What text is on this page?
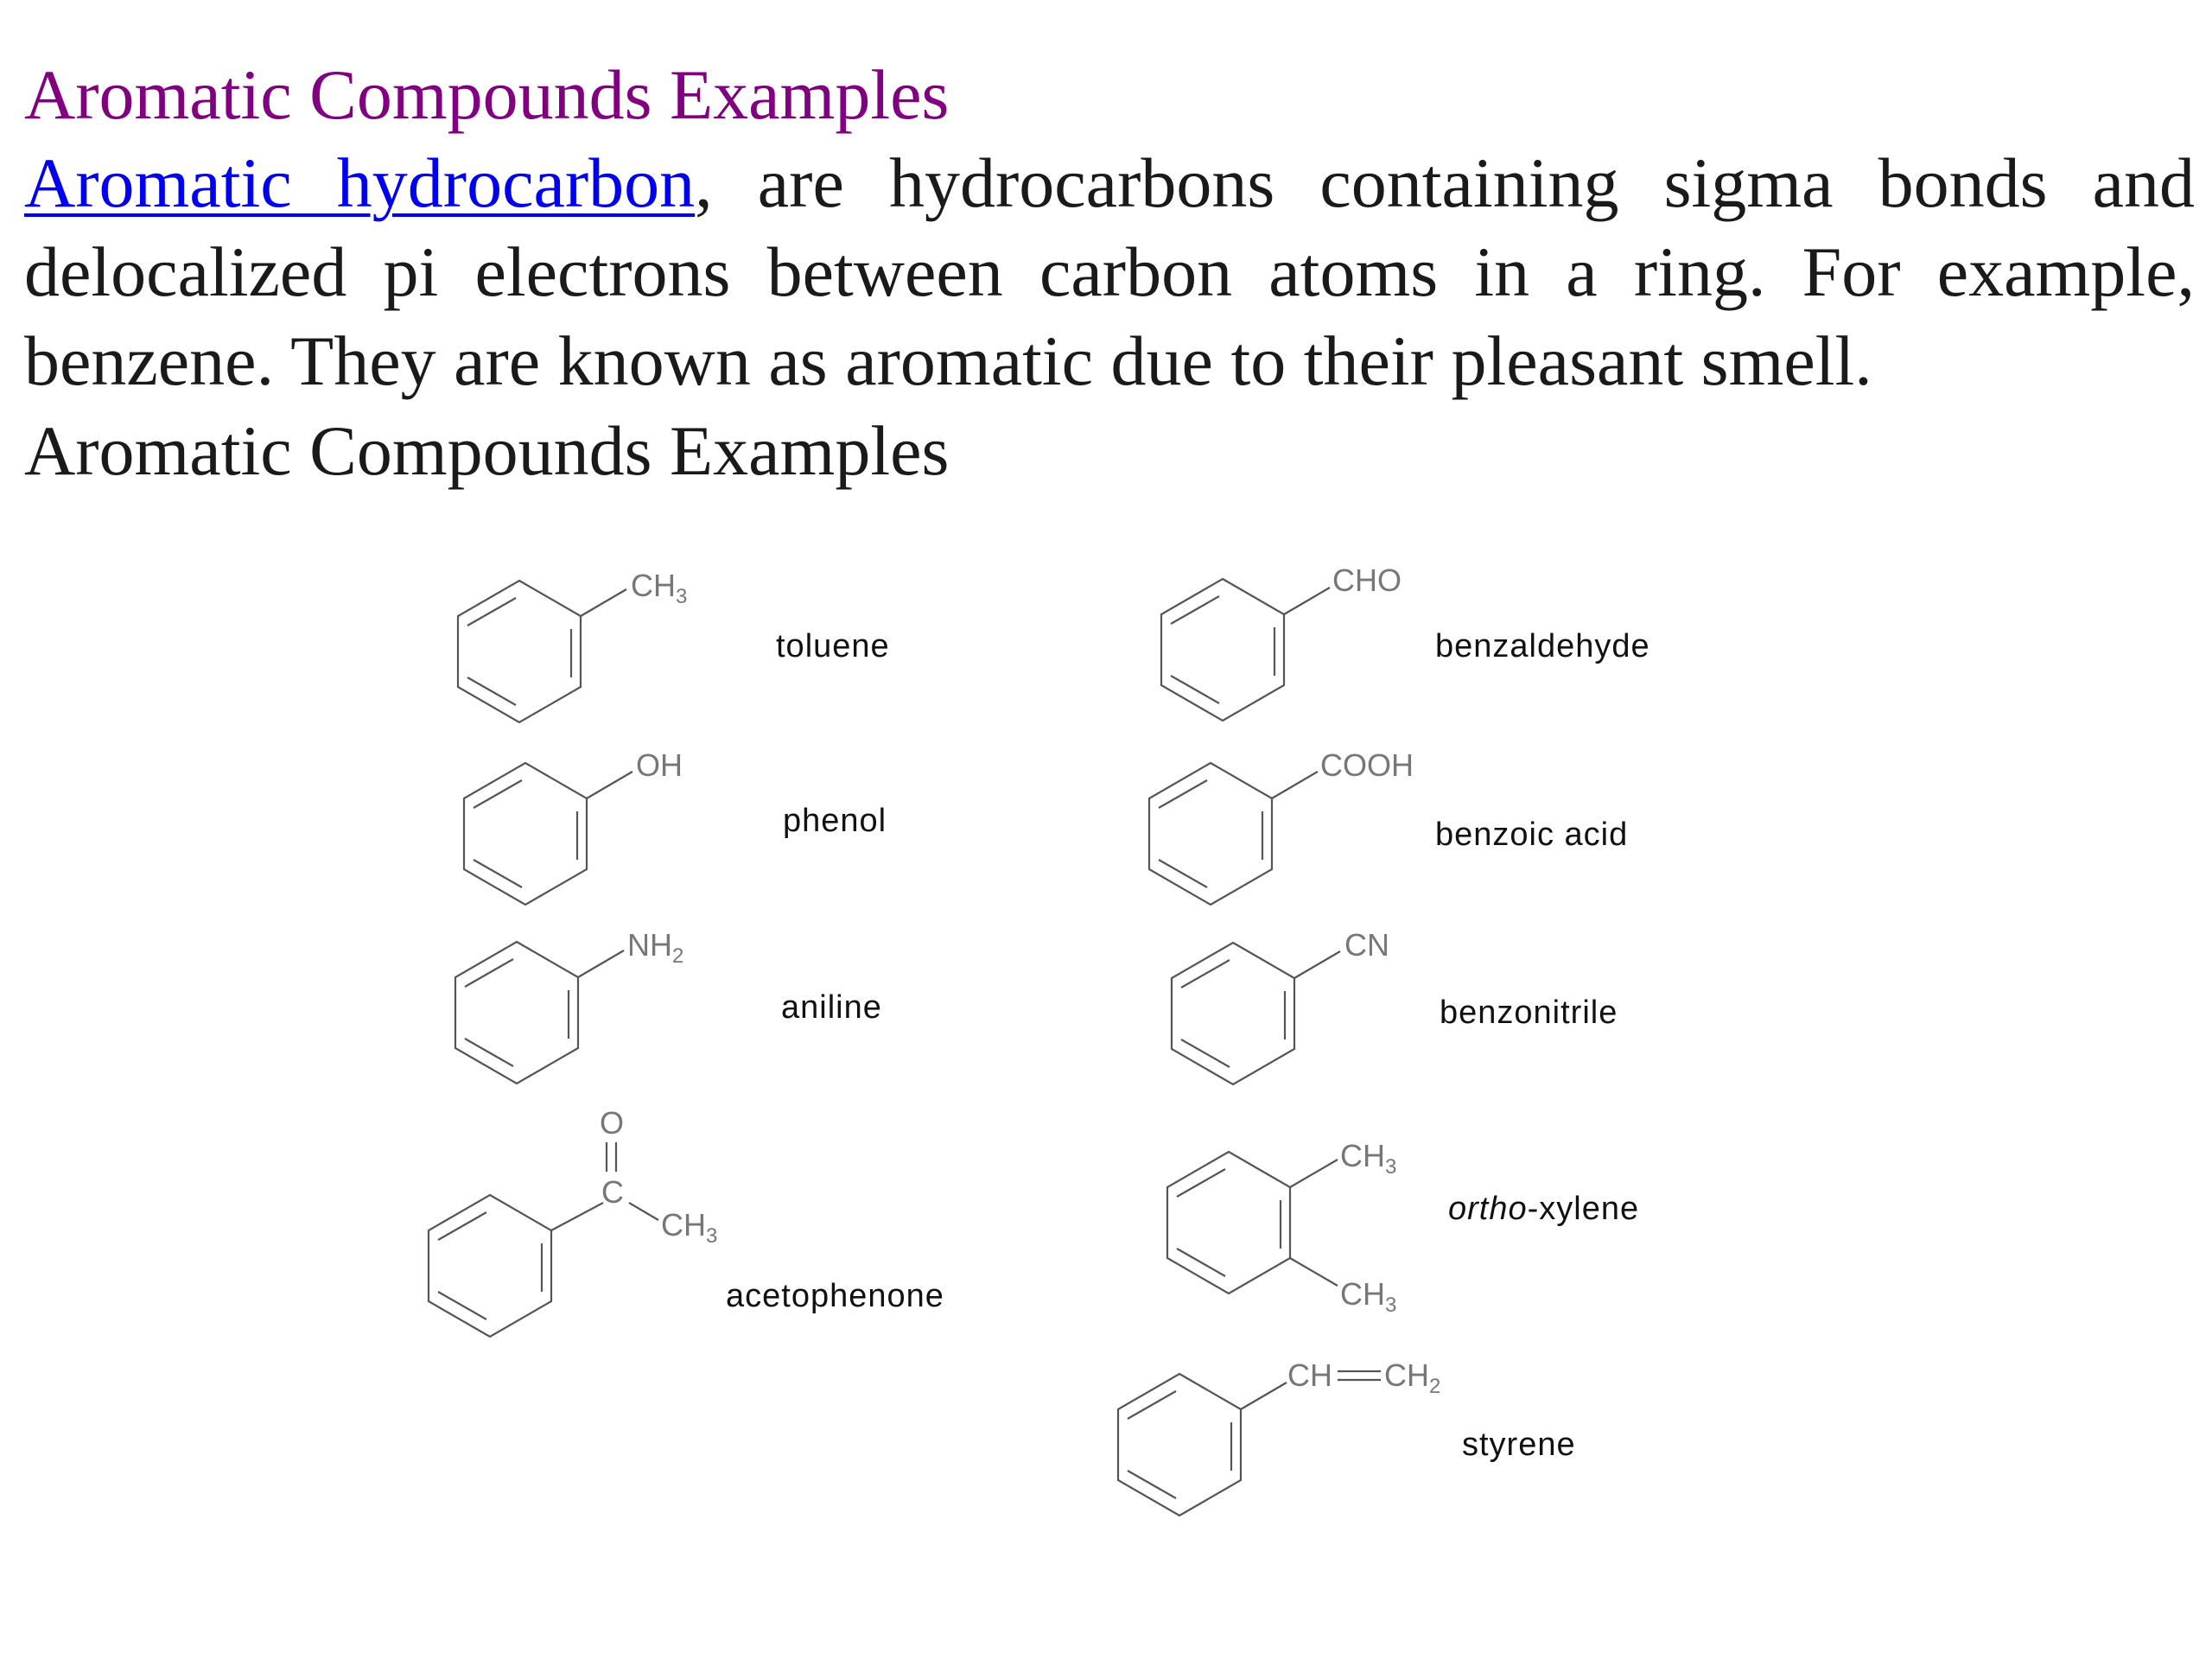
Aromatic Compounds Examples
Aromatic hydrocarbon, are hydrocarbons containing sigma bonds and delocalized pi electrons between carbon atoms in a ring. For example, benzene. They are known as aromatic due to their pleasant smell.
Aromatic Compounds Examples
$CH_3$
toluene
OH
phenol
$NH_2$
aniline
C
O
$CH_3$
acetophenone
CHO
benzaldehyde
COOH
benzoic acid
CN
benzonitrile
$CH_3$
$CH_3$
ortho-xylene
CH $CH_2$
styrene
